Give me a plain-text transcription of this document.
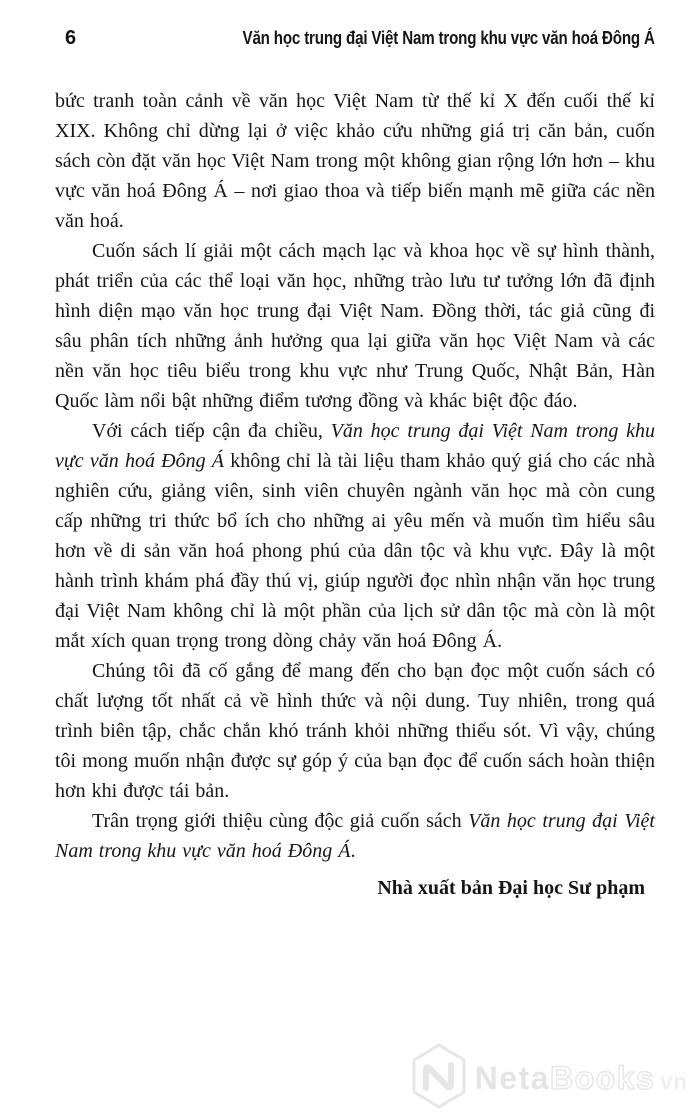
6	Văn học trung đại Việt Nam trong khu vực văn hoá Đông Á

bức tranh toàn cảnh về văn học Việt Nam từ thế kỉ X đến cuối thế kỉ XIX. Không chỉ dừng lại ở việc khảo cứu những giá trị căn bản, cuốn sách còn đặt văn học Việt Nam trong một không gian rộng lớn hơn – khu vực văn hoá Đông Á – nơi giao thoa và tiếp biến mạnh mẽ giữa các nền văn hoá.

Cuốn sách lí giải một cách mạch lạc và khoa học về sự hình thành, phát triển của các thể loại văn học, những trào lưu tư tưởng lớn đã định hình diện mạo văn học trung đại Việt Nam. Đồng thời, tác giả cũng đi sâu phân tích những ảnh hưởng qua lại giữa văn học Việt Nam và các nền văn học tiêu biểu trong khu vực như Trung Quốc, Nhật Bản, Hàn Quốc làm nổi bật những điểm tương đồng và khác biệt độc đáo.

Với cách tiếp cận đa chiều, Văn học trung đại Việt Nam trong khu vực văn hoá Đông Á không chỉ là tài liệu tham khảo quý giá cho các nhà nghiên cứu, giảng viên, sinh viên chuyên ngành văn học mà còn cung cấp những tri thức bổ ích cho những ai yêu mến và muốn tìm hiểu sâu hơn về di sản văn hoá phong phú của dân tộc và khu vực. Đây là một hành trình khám phá đầy thú vị, giúp người đọc nhìn nhận văn học trung đại Việt Nam không chỉ là một phần của lịch sử dân tộc mà còn là một mắt xích quan trọng trong dòng chảy văn hoá Đông Á.

Chúng tôi đã cố gắng để mang đến cho bạn đọc một cuốn sách có chất lượng tốt nhất cả về hình thức và nội dung. Tuy nhiên, trong quá trình biên tập, chắc chắn khó tránh khỏi những thiếu sót. Vì vậy, chúng tôi mong muốn nhận được sự góp ý của bạn đọc để cuốn sách hoàn thiện hơn khi được tái bản.

Trân trọng giới thiệu cùng độc giả cuốn sách Văn học trung đại Việt Nam trong khu vực văn hoá Đông Á.

Nhà xuất bản Đại học Sư phạm
Neta Books vn
